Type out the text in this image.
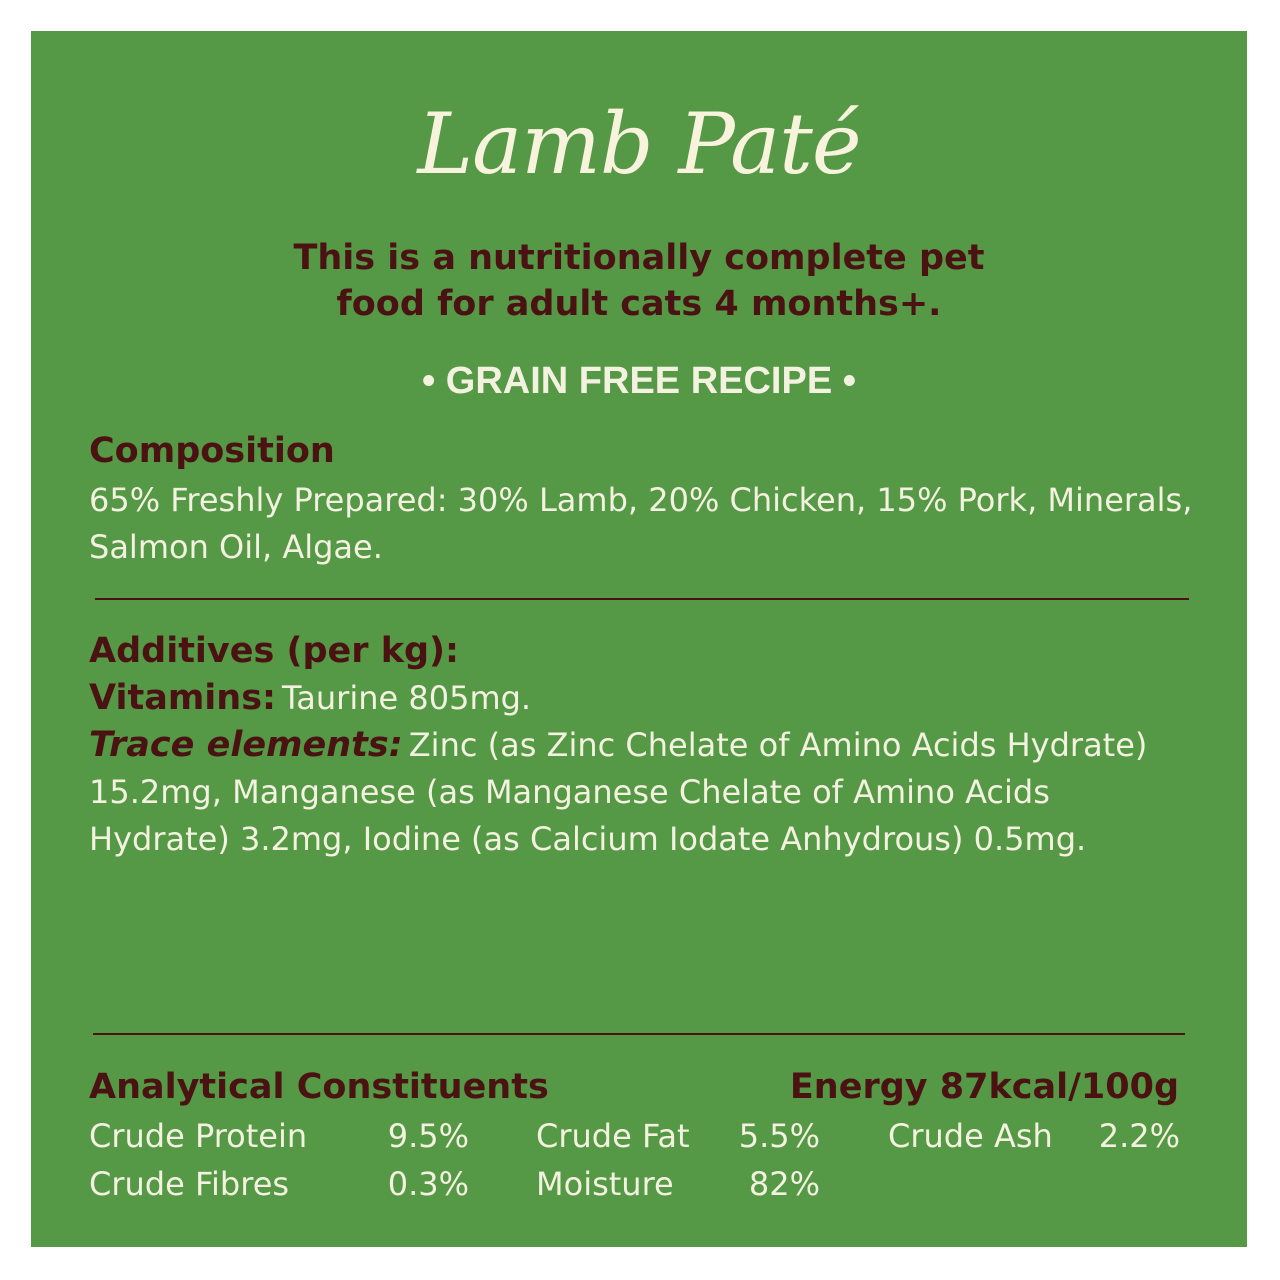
Lamb Paté
This is a nutritionally complete pet
food for adult cats 4 months+.
• GRAIN FREE RECIPE •
Composition
65% Freshly Prepared: 30% Lamb, 20% Chicken, 15% Pork, Minerals, Salmon Oil, Algae.
Additives (per kg):
Vitamins: Taurine 805mg.
Trace elements: Zinc (as Zinc Chelate of Amino Acids Hydrate) 15.2mg, Manganese (as Manganese Chelate of Amino Acids Hydrate) 3.2mg, Iodine (as Calcium Iodate Anhydrous) 0.5mg.
Analytical Constituents	Energy 87kcal/100g
Crude Protein	9.5% Crude Fat 5.5% Crude Ash 2.2%
Crude Fibres	0.3% Moisture 82%
